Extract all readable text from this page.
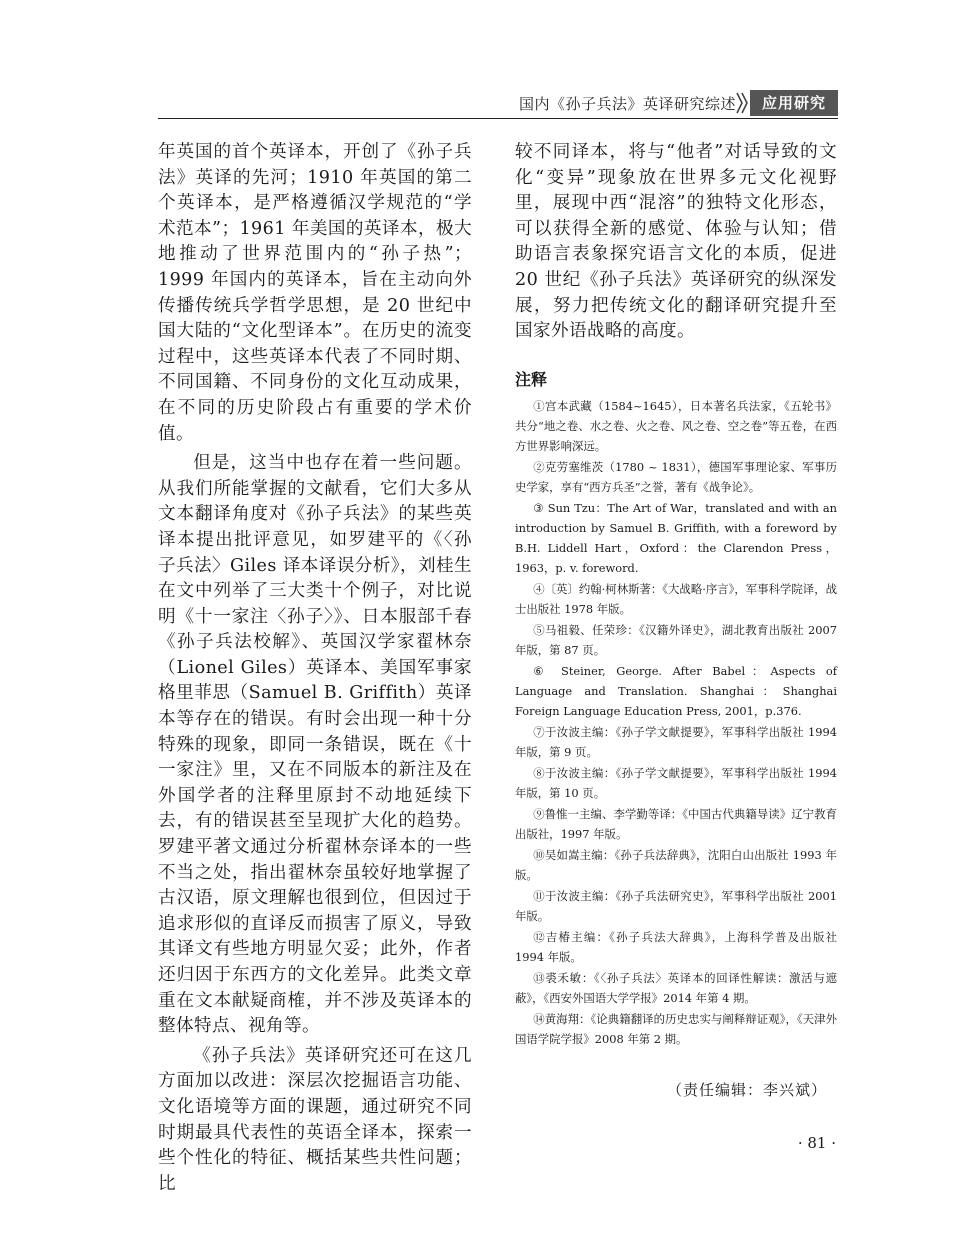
国内《孙子兵法》英译研究综述	应用研究

年英国的首个英译本，开创了《孙子兵法》英译的先河；1910 年英国的第二个英译本，是严格遵循汉学规范的“学术范本”；1961 年美国的英译本，极大地推动了世界范围内的“孙子热”；1999 年国内的英译本，旨在主动向外传播传统兵学哲学思想，是 20 世纪中国大陆的“文化型译本”。在历史的流变过程中，这些英译本代表了不同时期、不同国籍、不同身份的文化互动成果，在不同的历史阶段占有重要的学术价值。

但是，这当中也存在着一些问题。从我们所能掌握的文献看，它们大多从文本翻译角度对《孙子兵法》的某些英译本提出批评意见，如罗建平的《〈孙子兵法〉Giles 译本译误分析》，刘桂生在文中列举了三大类十个例子，对比说明《十一家注〈孙子〉》、日本服部千春《孙子兵法校解》、英国汉学家翟林奈（Lionel Giles）英译本、美国军事家格里菲思（Samuel B. Griffith）英译本等存在的错误。有时会出现一种十分特殊的现象，即同一条错误，既在《十一家注》里，又在不同版本的新注及在外国学者的注释里原封不动地延续下去，有的错误甚至呈现扩大化的趋势。罗建平著文通过分析翟林奈译本的一些不当之处，指出翟林奈虽较好地掌握了古汉语，原文理解也很到位，但因过于追求形似的直译反而损害了原义，导致其译文有些地方明显欠妥；此外，作者还归因于东西方的文化差异。此类文章重在文本献疑商榷，并不涉及英译本的整体特点、视角等。

《孙子兵法》英译研究还可在这几方面加以改进：深层次挖掘语言功能、文化语境等方面的课题，通过研究不同时期最具代表性的英语全译本，探索一些个性化的特征、概括某些共性问题；比

较不同译本，将与“他者”对话导致的文化“变异”现象放在世界多元文化视野里，展现中西“混溶”的独特文化形态，可以获得全新的感觉、体验与认知；借助语言表象探究语言文化的本质，促进 20 世纪《孙子兵法》英译研究的纵深发展，努力把传统文化的翻译研究提升至国家外语战略的高度。

注释

①宫本武藏（1584~1645），日本著名兵法家，《五轮书》共分“地之卷、水之卷、火之卷、风之卷、空之卷”等五卷，在西方世界影响深远。

②克劳塞维茨（1780 ~ 1831），德国军事理论家、军事历史学家，享有“西方兵圣”之誉，著有《战争论》。

③ Sun Tzu：The Art of War，translated and with an introduction by Samuel B. Griffith, with a foreword by B.H. Liddell Hart，Oxford：the Clarendon Press，1963，p. v. foreword.

④〔英〕约翰·柯林斯著：《大战略·序言》，军事科学院译，战士出版社 1978 年版。

⑤马祖毅、任荣珍：《汉籍外译史》，湖北教育出版社 2007 年版，第 87 页。

⑥ Steiner, George. After Babel：Aspects of Language and Translation. Shanghai：Shanghai Foreign Language Education Press, 2001，p.376.

⑦于汝波主编：《孙子学文献提要》，军事科学出版社 1994 年版，第 9 页。

⑧于汝波主编：《孙子学文献提要》，军事科学出版社 1994 年版，第 10 页。

⑨鲁惟一主编、李学勤等译：《中国古代典籍导读》辽宁教育出版社，1997 年版。

⑩吴如嵩主编：《孙子兵法辞典》，沈阳白山出版社 1993 年版。

⑪于汝波主编：《孙子兵法研究史》，军事科学出版社 2001 年版。

⑫吉椿主编：《孙子兵法大辞典》，上海科学普及出版社 1994 年版。

⑬裘禾敏：《〈孙子兵法〉英译本的回译性解读：激活与遮蔽》，《西安外国语大学学报》2014 年第 4 期。

⑭黄海翔：《论典籍翻译的历史忠实与阐释辩证观》，《天津外国语学院学报》2008 年第 2 期。

（责任编辑：李兴斌）
· 81 ·
